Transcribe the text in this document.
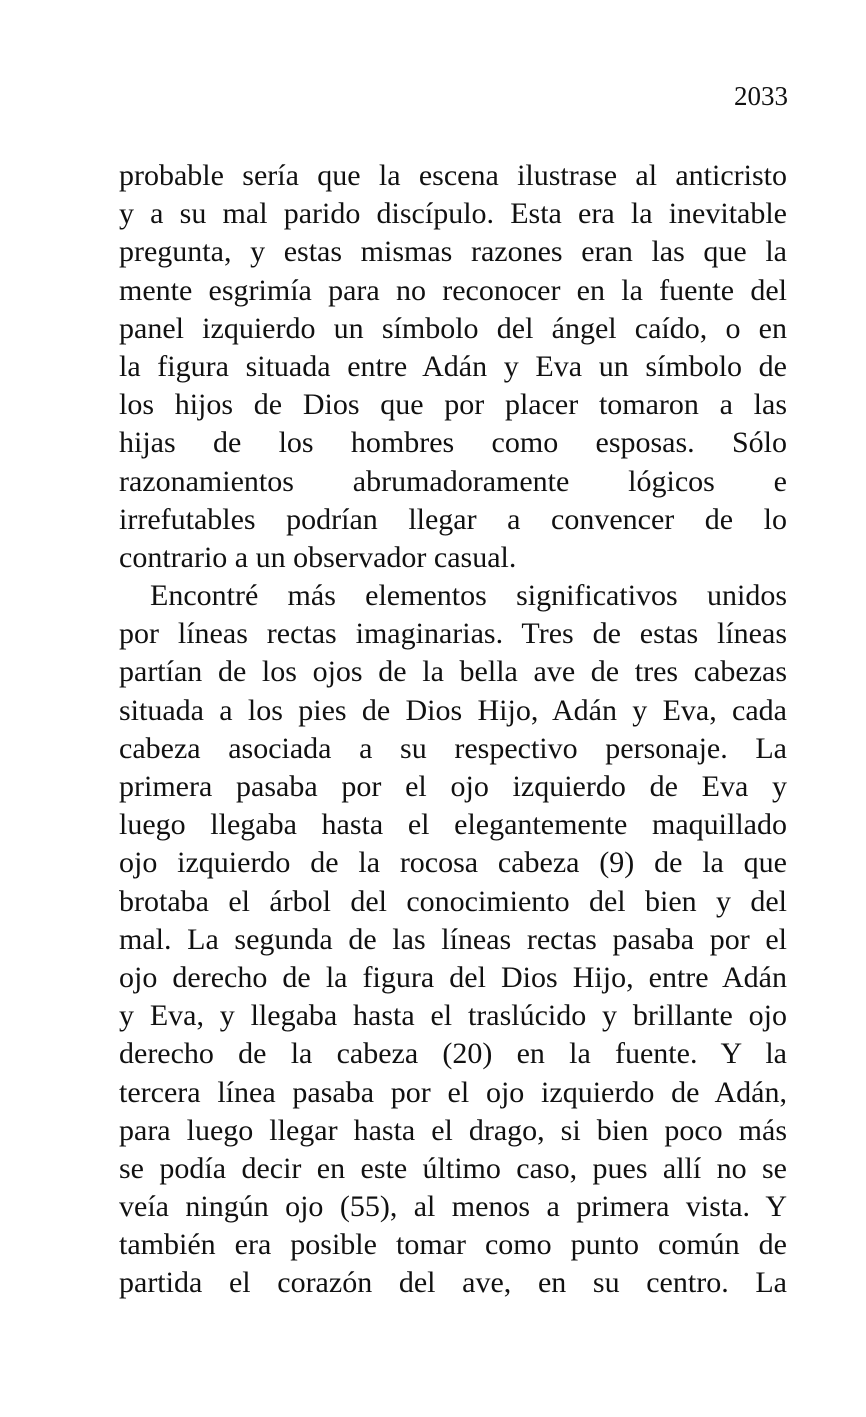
2033
probable sería que la escena ilustrase al anticristo
y a su mal parido discípulo. Esta era la inevitable
pregunta, y estas mismas razones eran las que la
mente esgrimía para no reconocer en la fuente del
panel izquierdo un símbolo del ángel caído, o en
la figura situada entre Adán y Eva un símbolo de
los hijos de Dios que por placer tomaron a las
hijas de los hombres como esposas. Sólo
razonamientos abrumadoramente lógicos e
irrefutables podrían llegar a convencer de lo
contrario a un observador casual.
Encontré más elementos significativos unidos
por líneas rectas imaginarias. Tres de estas líneas
partían de los ojos de la bella ave de tres cabezas
situada a los pies de Dios Hijo, Adán y Eva, cada
cabeza asociada a su respectivo personaje. La
primera pasaba por el ojo izquierdo de Eva y
luego llegaba hasta el elegantemente maquillado
ojo izquierdo de la rocosa cabeza (9) de la que
brotaba el árbol del conocimiento del bien y del
mal. La segunda de las líneas rectas pasaba por el
ojo derecho de la figura del Dios Hijo, entre Adán
y Eva, y llegaba hasta el traslúcido y brillante ojo
derecho de la cabeza (20) en la fuente. Y la
tercera línea pasaba por el ojo izquierdo de Adán,
para luego llegar hasta el drago, si bien poco más
se podía decir en este último caso, pues allí no se
veía ningún ojo (55), al menos a primera vista. Y
también era posible tomar como punto común de
partida el corazón del ave, en su centro. La
